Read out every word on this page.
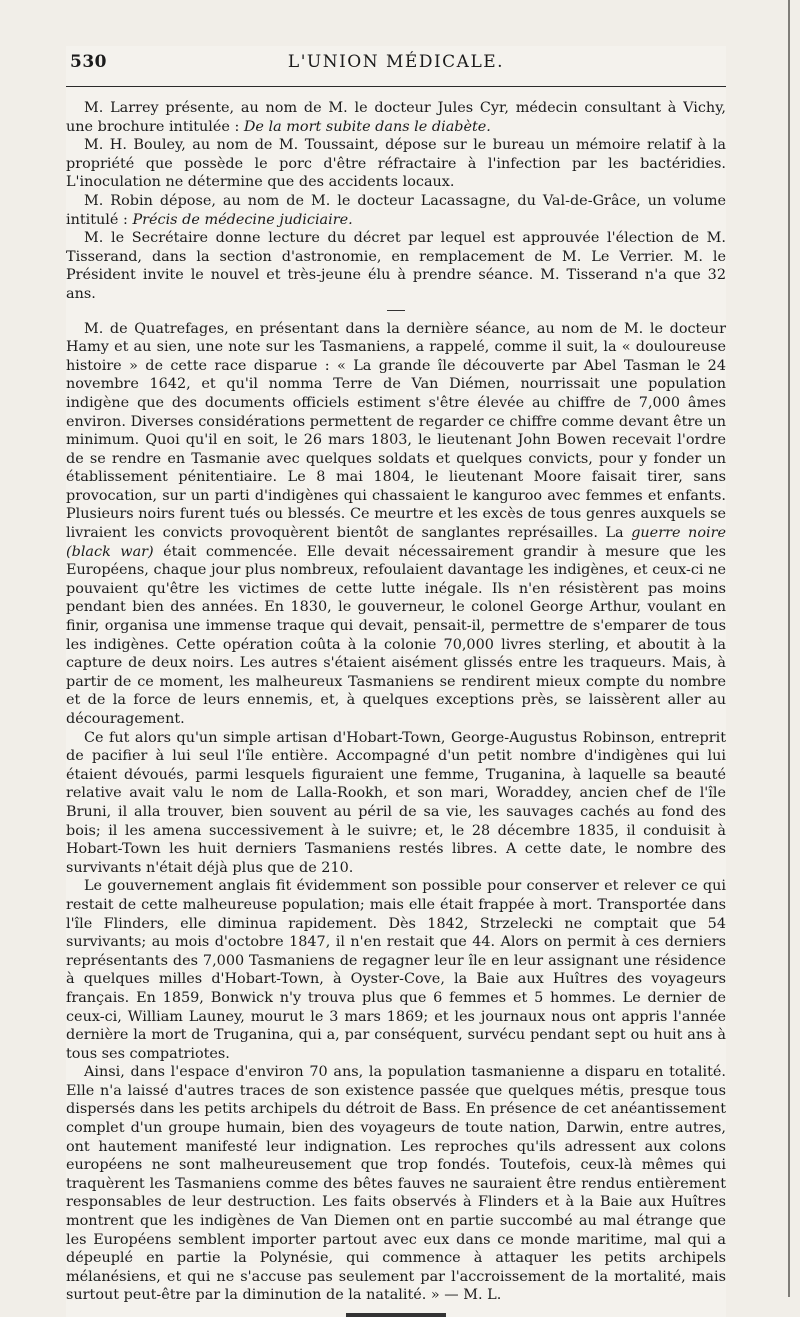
530	L'UNION MÉDICALE.

M. Larrey présente, au nom de M. le docteur Jules Cyr, médecin consultant à Vichy, une brochure intitulée : De la mort subite dans le diabète.

M. H. Bouley, au nom de M. Toussaint, dépose sur le bureau un mémoire relatif à la propriété que possède le porc d'être réfractaire à l'infection par les bactéridies. L'inoculation ne détermine que des accidents locaux.

M. Robin dépose, au nom de M. le docteur Lacassagne, du Val-de-Grâce, un volume intitulé : Précis de médecine judiciaire.

M. le Secrétaire donne lecture du décret par lequel est approuvée l'élection de M. Tisserand, dans la section d'astronomie, en remplacement de M. Le Verrier. M. le Président invite le nouvel et très-jeune élu à prendre séance. M. Tisserand n'a que 32 ans.

M. de Quatrefages, en présentant dans la dernière séance, au nom de M. le docteur Hamy et au sien, une note sur les Tasmaniens, a rappelé, comme il suit, la « douloureuse histoire » de cette race disparue : « La grande île découverte par Abel Tasman le 24 novembre 1642, et qu'il nomma Terre de Van Diémen, nourrissait une population indigène que des documents officiels estiment s'être élevée au chiffre de 7,000 âmes environ. Diverses considérations permettent de regarder ce chiffre comme devant être un minimum. Quoi qu'il en soit, le 26 mars 1803, le lieutenant John Bowen recevait l'ordre de se rendre en Tasmanie avec quelques soldats et quelques convicts, pour y fonder un établissement pénitentiaire. Le 8 mai 1804, le lieutenant Moore faisait tirer, sans provocation, sur un parti d'indigènes qui chassaient le kanguroo avec femmes et enfants. Plusieurs noirs furent tués ou blessés. Ce meurtre et les excès de tous genres auxquels se livraient les convicts provoquèrent bientôt de sanglantes représailles. La guerre noire (black war) était commencée. Elle devait nécessairement grandir à mesure que les Européens, chaque jour plus nombreux, refoulaient davantage les indigènes, et ceux-ci ne pouvaient qu'être les victimes de cette lutte inégale. Ils n'en résistèrent pas moins pendant bien des années. En 1830, le gouverneur, le colonel George Arthur, voulant en finir, organisa une immense traque qui devait, pensait-il, permettre de s'emparer de tous les indigènes. Cette opération coûta à la colonie 70,000 livres sterling, et aboutit à la capture de deux noirs. Les autres s'étaient aisément glissés entre les traqueurs. Mais, à partir de ce moment, les malheureux Tasmaniens se rendirent mieux compte du nombre et de la force de leurs ennemis, et, à quelques exceptions près, se laissèrent aller au découragement.

Ce fut alors qu'un simple artisan d'Hobart-Town, George-Augustus Robinson, entreprit de pacifier à lui seul l'île entière. Accompagné d'un petit nombre d'indigènes qui lui étaient dévoués, parmi lesquels figuraient une femme, Truganina, à laquelle sa beauté relative avait valu le nom de Lalla-Rookh, et son mari, Woraddey, ancien chef de l'île Bruni, il alla trouver, bien souvent au péril de sa vie, les sauvages cachés au fond des bois; il les amena successivement à le suivre; et, le 28 décembre 1835, il conduisit à Hobart-Town les huit derniers Tasmaniens restés libres. A cette date, le nombre des survivants n'était déjà plus que de 210.

Le gouvernement anglais fit évidemment son possible pour conserver et relever ce qui restait de cette malheureuse population; mais elle était frappée à mort. Transportée dans l'île Flinders, elle diminua rapidement. Dès 1842, Strzelecki ne comptait que 54 survivants; au mois d'octobre 1847, il n'en restait que 44. Alors on permit à ces derniers représentants des 7,000 Tasmaniens de regagner leur île en leur assignant une résidence à quelques milles d'Hobart-Town, à Oyster-Cove, la Baie aux Huîtres des voyageurs français. En 1859, Bonwick n'y trouva plus que 6 femmes et 5 hommes. Le dernier de ceux-ci, William Launey, mourut le 3 mars 1869; et les journaux nous ont appris l'année dernière la mort de Truganina, qui a, par conséquent, survécu pendant sept ou huit ans à tous ses compatriotes.

Ainsi, dans l'espace d'environ 70 ans, la population tasmanienne a disparu en totalité. Elle n'a laissé d'autres traces de son existence passée que quelques métis, presque tous dispersés dans les petits archipels du détroit de Bass. En présence de cet anéantissement complet d'un groupe humain, bien des voyageurs de toute nation, Darwin, entre autres, ont hautement manifesté leur indignation. Les reproches qu'ils adressent aux colons européens ne sont malheureusement que trop fondés. Toutefois, ceux-là mêmes qui traquèrent les Tasmaniens comme des bêtes fauves ne sauraient être rendus entièrement responsables de leur destruction. Les faits observés à Flinders et à la Baie aux Huîtres montrent que les indigènes de Van Diemen ont en partie succombé au mal étrange que les Européens semblent importer partout avec eux dans ce monde maritime, mal qui a dépeuplé en partie la Polynésie, qui commence à attaquer les petits archipels mélanésiens, et qui ne s'accuse pas seulement par l'accroissement de la mortalité, mais surtout peut-être par la diminution de la natalité. » — M. L.
